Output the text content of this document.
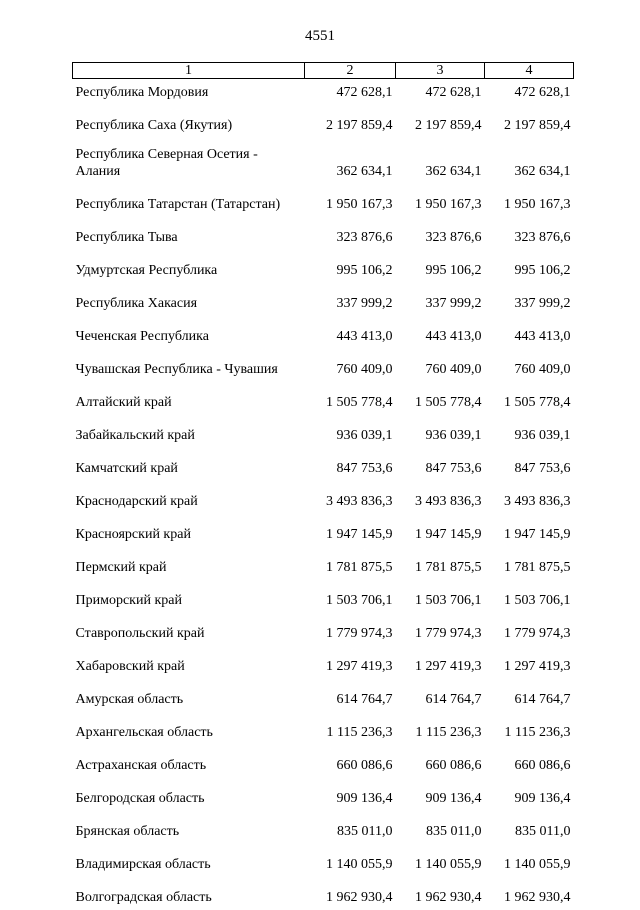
4551
1	2	3	4
Республика Мордовия	472 628,1	472 628,1	472 628,1
Республика Саха (Якутия)	2 197 859,4	2 197 859,4	2 197 859,4
Республика Северная Осетия - Алания	362 634,1	362 634,1	362 634,1
Республика Татарстан (Татарстан)	1 950 167,3	1 950 167,3	1 950 167,3
Республика Тыва	323 876,6	323 876,6	323 876,6
Удмуртская Республика	995 106,2	995 106,2	995 106,2
Республика Хакасия	337 999,2	337 999,2	337 999,2
Чеченская Республика	443 413,0	443 413,0	443 413,0
Чувашская Республика - Чувашия	760 409,0	760 409,0	760 409,0
Алтайский край	1 505 778,4	1 505 778,4	1 505 778,4
Забайкальский край	936 039,1	936 039,1	936 039,1
Камчатский край	847 753,6	847 753,6	847 753,6
Краснодарский край	3 493 836,3	3 493 836,3	3 493 836,3
Красноярский край	1 947 145,9	1 947 145,9	1 947 145,9
Пермский край	1 781 875,5	1 781 875,5	1 781 875,5
Приморский край	1 503 706,1	1 503 706,1	1 503 706,1
Ставропольский край	1 779 974,3	1 779 974,3	1 779 974,3
Хабаровский край	1 297 419,3	1 297 419,3	1 297 419,3
Амурская область	614 764,7	614 764,7	614 764,7
Архангельская область	1 115 236,3	1 115 236,3	1 115 236,3
Астраханская область	660 086,6	660 086,6	660 086,6
Белгородская область	909 136,4	909 136,4	909 136,4
Брянская область	835 011,0	835 011,0	835 011,0
Владимирская область	1 140 055,9	1 140 055,9	1 140 055,9
Волгоградская область	1 962 930,4	1 962 930,4	1 962 930,4
